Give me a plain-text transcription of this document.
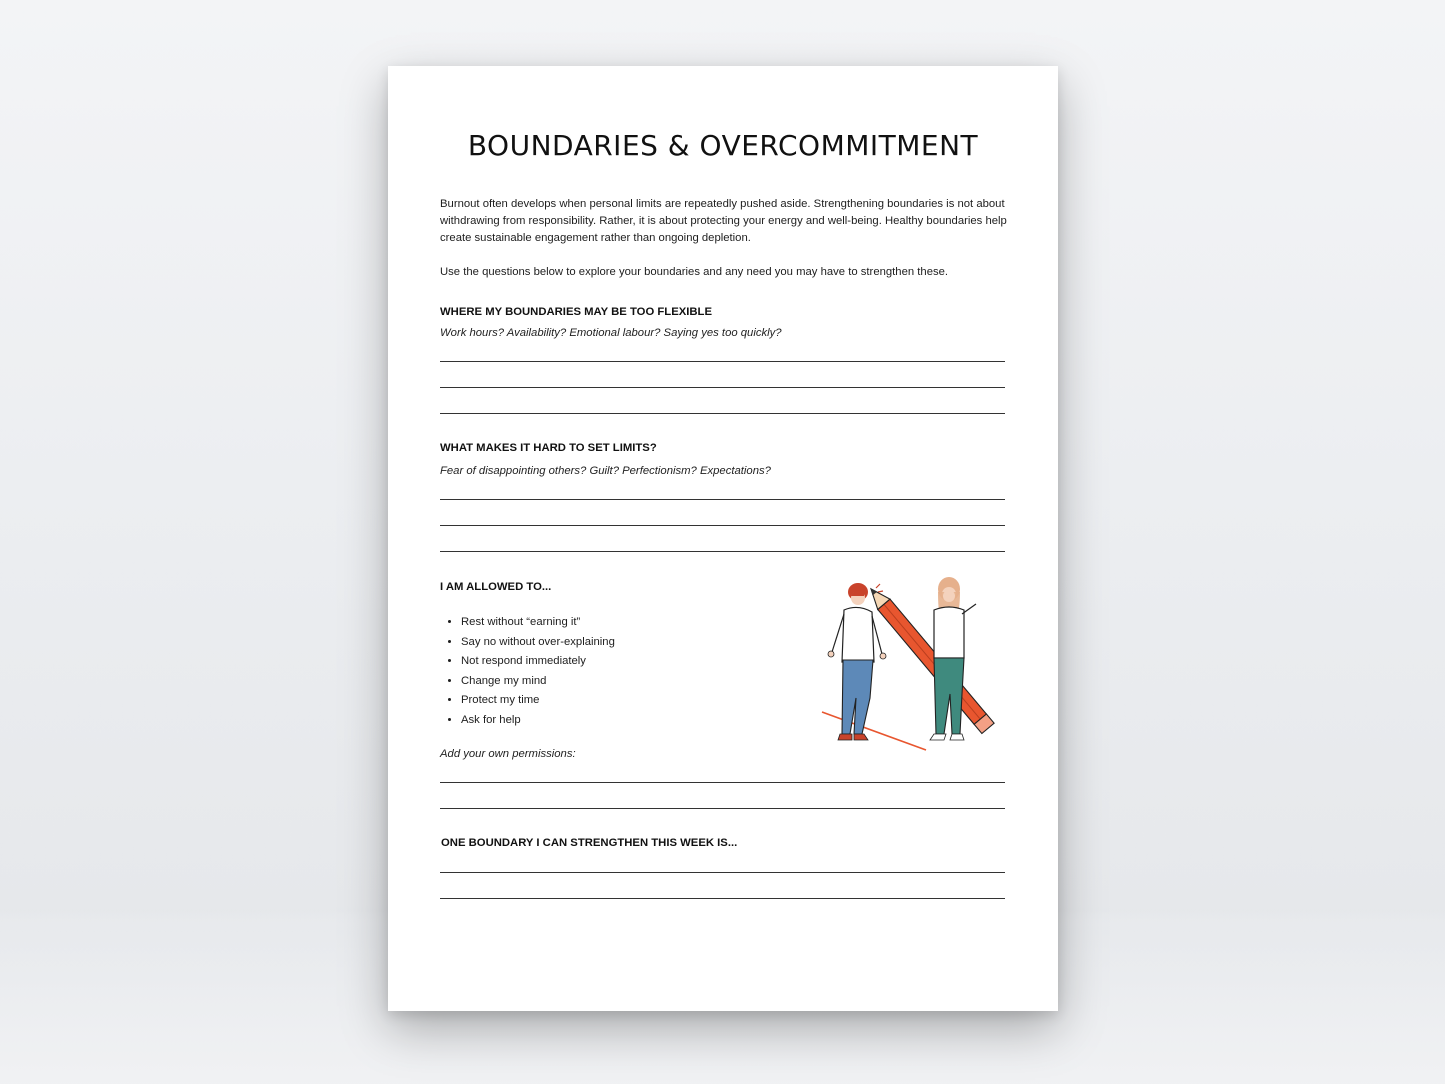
BOUNDARIES & OVERCOMMITMENT

Burnout often develops when personal limits are repeatedly pushed aside. Strengthening boundaries is not about withdrawing from responsibility. Rather, it is about protecting your energy and well-being. Healthy boundaries help create sustainable engagement rather than ongoing depletion.

Use the questions below to explore your boundaries and any need you may have to strengthen these.

WHERE MY BOUNDARIES MAY BE TOO FLEXIBLE

Work hours? Availability? Emotional labour? Saying yes too quickly?

WHAT MAKES IT HARD TO SET LIMITS?

Fear of disappointing others? Guilt? Perfectionism? Expectations?

I AM ALLOWED TO...

• Rest without “earning it”
• Say no without over-explaining
• Not respond immediately
• Change my mind
• Protect my time
• Ask for help

Add your own permissions:

ONE BOUNDARY I CAN STRENGTHEN THIS WEEK IS...
